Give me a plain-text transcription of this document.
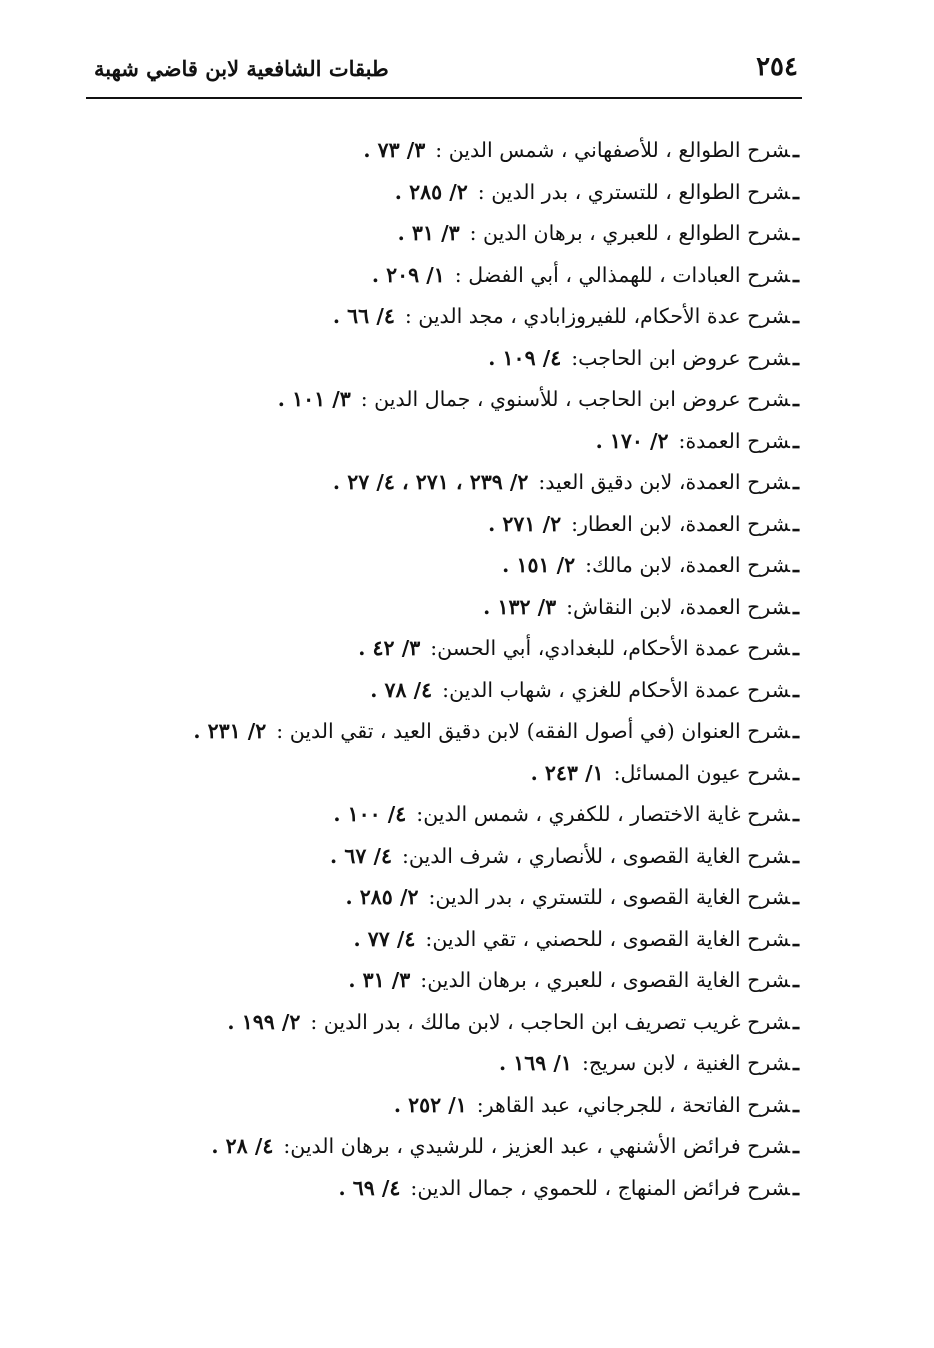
٢٥٤
طبقات الشافعية لابن قاضي شهبة
ـشرح الطوالع ، للأصفهاني ، شمس الدين :٣/ ٧٣ .
ـشرح الطوالع ، للتستري ، بدر الدين :٢/ ٢٨٥ .
ـشرح الطوالع ، للعبري ، برهان الدين :٣/ ٣١ .
ـشرح العبادات ، للهمذالي ، أبي الفضل :١/ ٢٠٩ .
ـشرح عدة الأحكام، للفيروزابادي ، مجد الدين :٤/ ٦٦ .
ـشرح عروض ابن الحاجب:٤/ ١٠٩ .
ـشرح عروض ابن الحاجب ، للأسنوي ، جمال الدين :٣/ ١٠١ .
ـشرح العمدة:٢/ ١٧٠ .
ـشرح العمدة، لابن دقيق العيد:٢/ ٢٣٩ ، ٢٧١ ، ٤/ ٢٧ .
ـشرح العمدة، لابن العطار:٢/ ٢٧١ .
ـشرح العمدة، لابن مالك:٢/ ١٥١ .
ـشرح العمدة، لابن النقاش:٣/ ١٣٢ .
ـشرح عمدة الأحكام، للبغدادي، أبي الحسن:٣/ ٤٢ .
ـشرح عمدة الأحكام للغزي ، شهاب الدين:٤/ ٧٨ .
ـشرح العنوان (في أصول الفقه) لابن دقيق العيد ، تقي الدين :٢/ ٢٣١ .
ـشرح عيون المسائل:١/ ٢٤٣ .
ـشرح غاية الاختصار ، للكفري ، شمس الدين:٤/ ١٠٠ .
ـشرح الغاية القصوى ، للأنصاري ، شرف الدين:٤/ ٦٧ .
ـشرح الغاية القصوى ، للتستري ، بدر الدين:٢/ ٢٨٥ .
ـشرح الغاية القصوى ، للحصني ، تقي الدين:٤/ ٧٧ .
ـشرح الغاية القصوى ، للعبري ، برهان الدين:٣/ ٣١ .
ـشرح غريب تصريف ابن الحاجب ، لابن مالك ، بدر الدين :٢/ ١٩٩ .
ـشرح الغنية ، لابن سريج:١/ ١٦٩ .
ـشرح الفاتحة ، للجرجاني، عبد القاهر:١/ ٢٥٢ .
ـشرح فرائض الأشنهي ، عبد العزيز ، للرشيدي ، برهان الدين:٤/ ٢٨ .
ـشرح فرائض المنهاج ، للحموي ، جمال الدين:٤/ ٦٩ .
